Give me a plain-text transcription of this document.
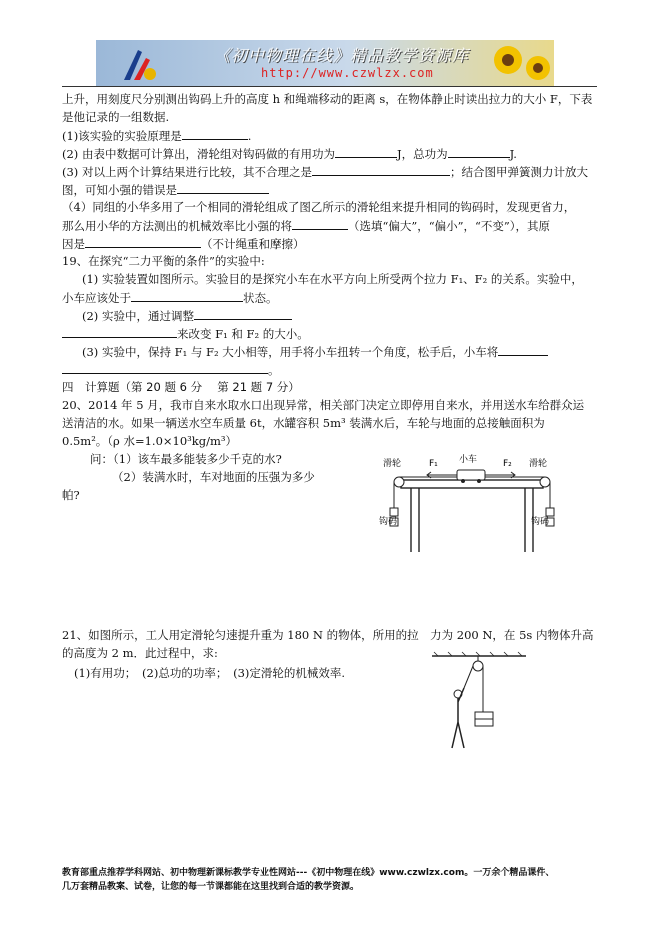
《初中物理在线》精品教学资源库
http://www.czwlzx.com
上升，用刻度尺分别测出钩码上升的高度 h 和绳端移动的距离 s，在物体静止时读出拉力的大小 F，下表
是他记录的一组数据.
(1)该实验的实验原理是	.
(2) 由表中数据可计算出，滑轮组对钩码做的有用功为	J，总功为	J.
(3) 对以上两个计算结果进行比较，其不合理之是	；结合图甲弹簧测力计放大
图，可知小强的错误是
（4）同组的小华多用了一个相同的滑轮组成了图乙所示的滑轮组来提升相同的钩码时，发现更省力，
那么用小华的方法测出的机械效率比小强的将	（选填“偏大”，“偏小”，“不变”），其原
因是	（不计绳重和摩擦）
19、在探究“二力平衡的条件”的实验中:
(1) 实验装置如图所示。实验目的是探究小车在水平方向上所受两个拉力 F₁、F₂ 的关系。实验中，
小车应该处于	状态。
(2) 实验中，通过调整
来改变 F₁ 和 F₂ 的大小。
(3) 实验中，保持 F₁ 与 F₂ 大小相等，用手将小车扭转一个角度，松手后，小车将
。
四　计算题（第 20 题 6 分　 第 21 题 7 分）
20、2014 年 5 月，我市自来水取水口出现异常，相关部门决定立即停用自来水，并用送水车给群众运
送清洁的水。如果一辆送水空车质量 6t，水罐容积 5m³ 装满水后，车轮与地面的总接触面积为
0.5m²。（ρ 水=1.0×10³kg/m³）
问：（1）该车最多能装多少千克的水?
（2）装满水时，车对地面的压强为多少
帕?
滑轮	滑轮
小车
F₁	F₂
钩码	钩码
21、如图所示，工人用定滑轮匀速提升重为 180 N 的物体，所用的拉　力为 200 N，在 5s 内物体升高
的高度为 2 m．此过程中，求:
(1)有用功；　(2)总功的功率；　(3)定滑轮的机械效率.
教育部重点推荐学科网站、初中物理新课标教学专业性网站---《初中物理在线》www.czwlzx.com。一万余个精品课件、
几万套精品教案、试卷，让您的每一节课都能在这里找到合适的教学资源。
